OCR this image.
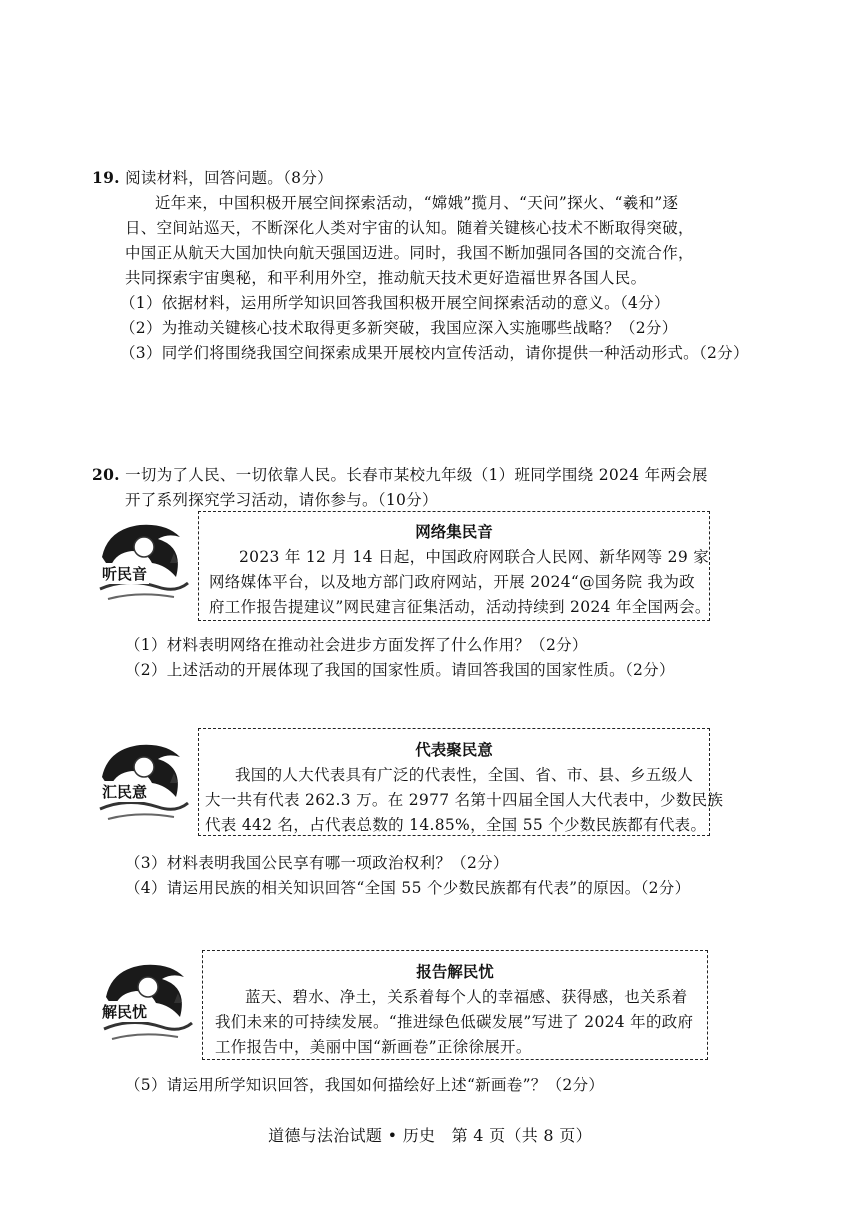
19. 阅读材料，回答问题。（8分）
近年来，中国积极开展空间探索活动，“嫦娥”揽月、“天问”探火、“羲和”逐
日、空间站巡天，不断深化人类对宇宙的认知。随着关键核心技术不断取得突破，
中国正从航天大国加快向航天强国迈进。同时，我国不断加强同各国的交流合作，
共同探索宇宙奥秘，和平利用外空，推动航天技术更好造福世界各国人民。
（1）依据材料，运用所学知识回答我国积极开展空间探索活动的意义。（4分）
（2）为推动关键核心技术取得更多新突破，我国应深入实施哪些战略？（2分）
（3）同学们将围绕我国空间探索成果开展校内宣传活动，请你提供一种活动形式。（2分）
20. 一切为了人民、一切依靠人民。长春市某校九年级（1）班同学围绕 2024 年两会展
开了系列探究学习活动，请你参与。（10分）
听民音
网络集民音
2023 年 12 月 14 日起，中国政府网联合人民网、新华网等 29 家
网络媒体平台，以及地方部门政府网站，开展 2024“@国务院 我为政
府工作报告提建议”网民建言征集活动，活动持续到 2024 年全国两会。
（1）材料表明网络在推动社会进步方面发挥了什么作用？（2分）
（2）上述活动的开展体现了我国的国家性质。请回答我国的国家性质。（2分）
汇民意
代表聚民意
我国的人大代表具有广泛的代表性，全国、省、市、县、乡五级人
大一共有代表 262.3 万。在 2977 名第十四届全国人大代表中，少数民族
代表 442 名，占代表总数的 14.85%，全国 55 个少数民族都有代表。
（3）材料表明我国公民享有哪一项政治权利？（2分）
（4）请运用民族的相关知识回答“全国 55 个少数民族都有代表”的原因。（2分）
解民忧
报告解民忧
蓝天、碧水、净土，关系着每个人的幸福感、获得感，也关系着
我们未来的可持续发展。“推进绿色低碳发展”写进了 2024 年的政府
工作报告中，美丽中国“新画卷”正徐徐展开。
（5）请运用所学知识回答，我国如何描绘好上述“新画卷”？（2分）
道德与法治试题 • 历史　第 4 页（共 8 页）
